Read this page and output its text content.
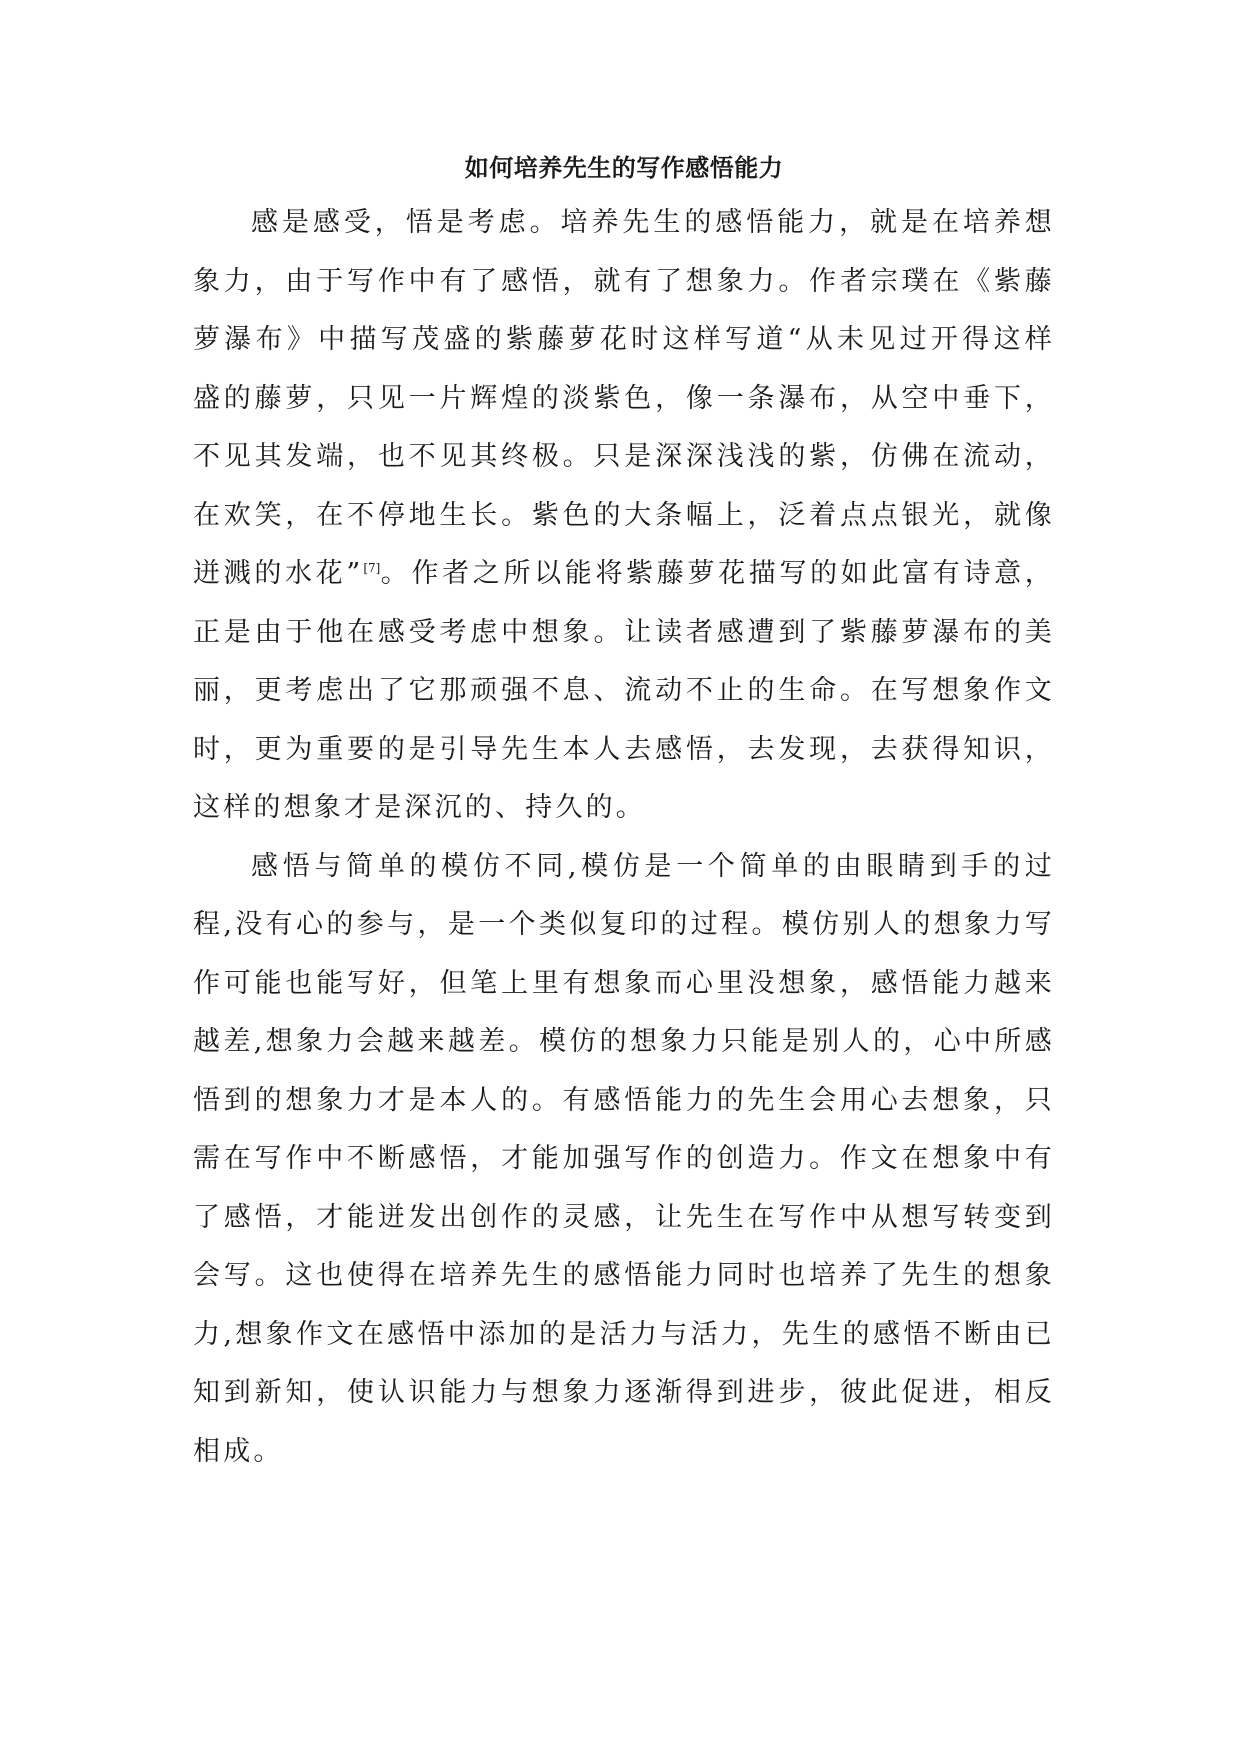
如何培养先生的写作感悟能力

感是感受，悟是考虑。培养先生的感悟能力，就是在培养想象力，由于写作中有了感悟，就有了想象力。作者宗璞在《紫藤萝瀑布》中描写茂盛的紫藤萝花时这样写道“从未见过开得这样盛的藤萝，只见一片辉煌的淡紫色，像一条瀑布，从空中垂下，不见其发端，也不见其终极。只是深深浅浅的紫，仿佛在流动，在欢笑，在不停地生长。紫色的大条幅上，泛着点点银光，就像迸溅的水花”[7]。作者之所以能将紫藤萝花描写的如此富有诗意，正是由于他在感受考虑中想象。让读者感遭到了紫藤萝瀑布的美丽，更考虑出了它那顽强不息、流动不止的生命。在写想象作文时，更为重要的是引导先生本人去感悟，去发现，去获得知识，这样的想象才是深沉的、持久的。

感悟与简单的模仿不同,模仿是一个简单的由眼睛到手的过程,没有心的参与，是一个类似复印的过程。模仿别人的想象力写作可能也能写好，但笔上里有想象而心里没想象，感悟能力越来越差,想象力会越来越差。模仿的想象力只能是别人的，心中所感悟到的想象力才是本人的。有感悟能力的先生会用心去想象，只需在写作中不断感悟，才能加强写作的创造力。作文在想象中有了感悟，才能迸发出创作的灵感，让先生在写作中从想写转变到会写。这也使得在培养先生的感悟能力同时也培养了先生的想象力,想象作文在感悟中添加的是活力与活力，先生的感悟不断由已知到新知，使认识能力与想象力逐渐得到进步，彼此促进，相反相成。
